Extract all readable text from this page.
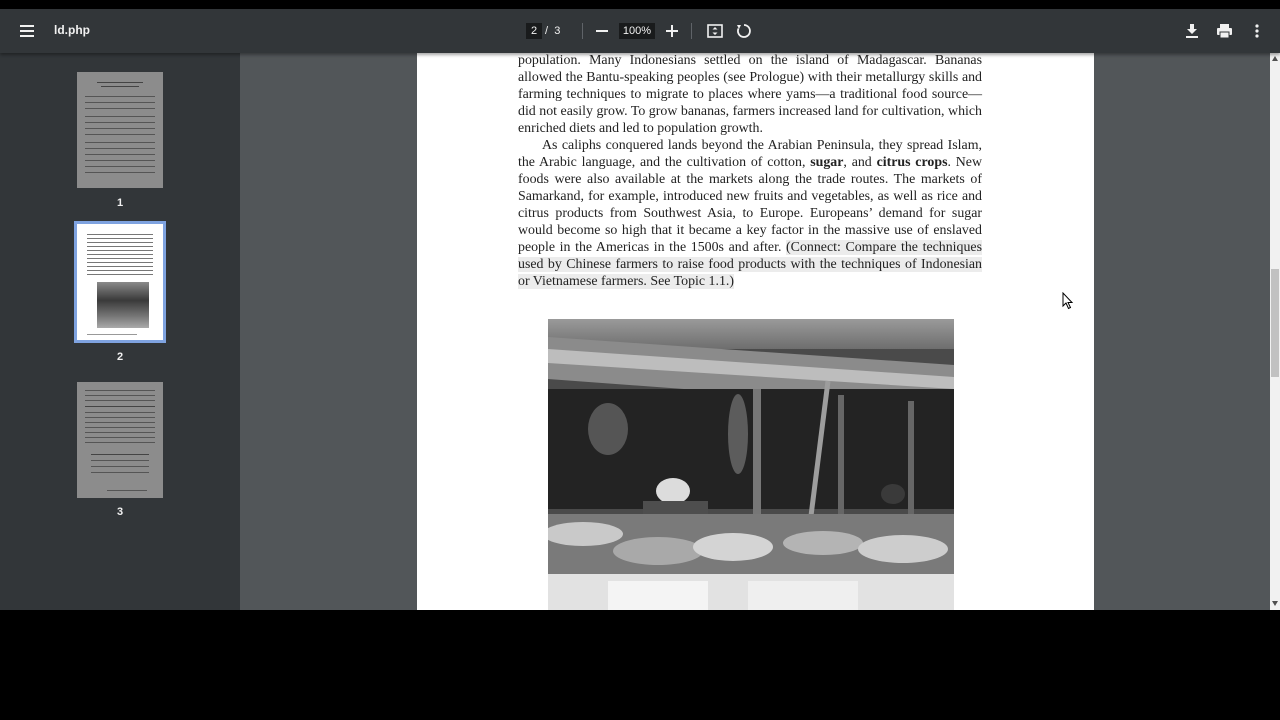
ld.php	2 / 3	100%
1
2
3

population. Many Indonesians settled on the island of Madagascar. Bananas allowed the Bantu-speaking peoples (see Prologue) with their metallurgy skills and farming techniques to migrate to places where yams—a traditional food source—did not easily grow. To grow bananas, farmers increased land for cultivation, which enriched diets and led to population growth.

As caliphs conquered lands beyond the Arabian Peninsula, they spread Islam, the Arabic language, and the cultivation of cotton, sugar, and citrus crops. New foods were also available at the markets along the trade routes. The markets of Samarkand, for example, introduced new fruits and vegetables, as well as rice and citrus products from Southwest Asia, to Europe. Europeans’ demand for sugar would become so high that it became a key factor in the massive use of enslaved people in the Americas in the 1500s and after. (Connect: Compare the techniques used by Chinese farmers to raise food products with the techniques of Indonesian or Vietnamese farmers. See Topic 1.1.)
